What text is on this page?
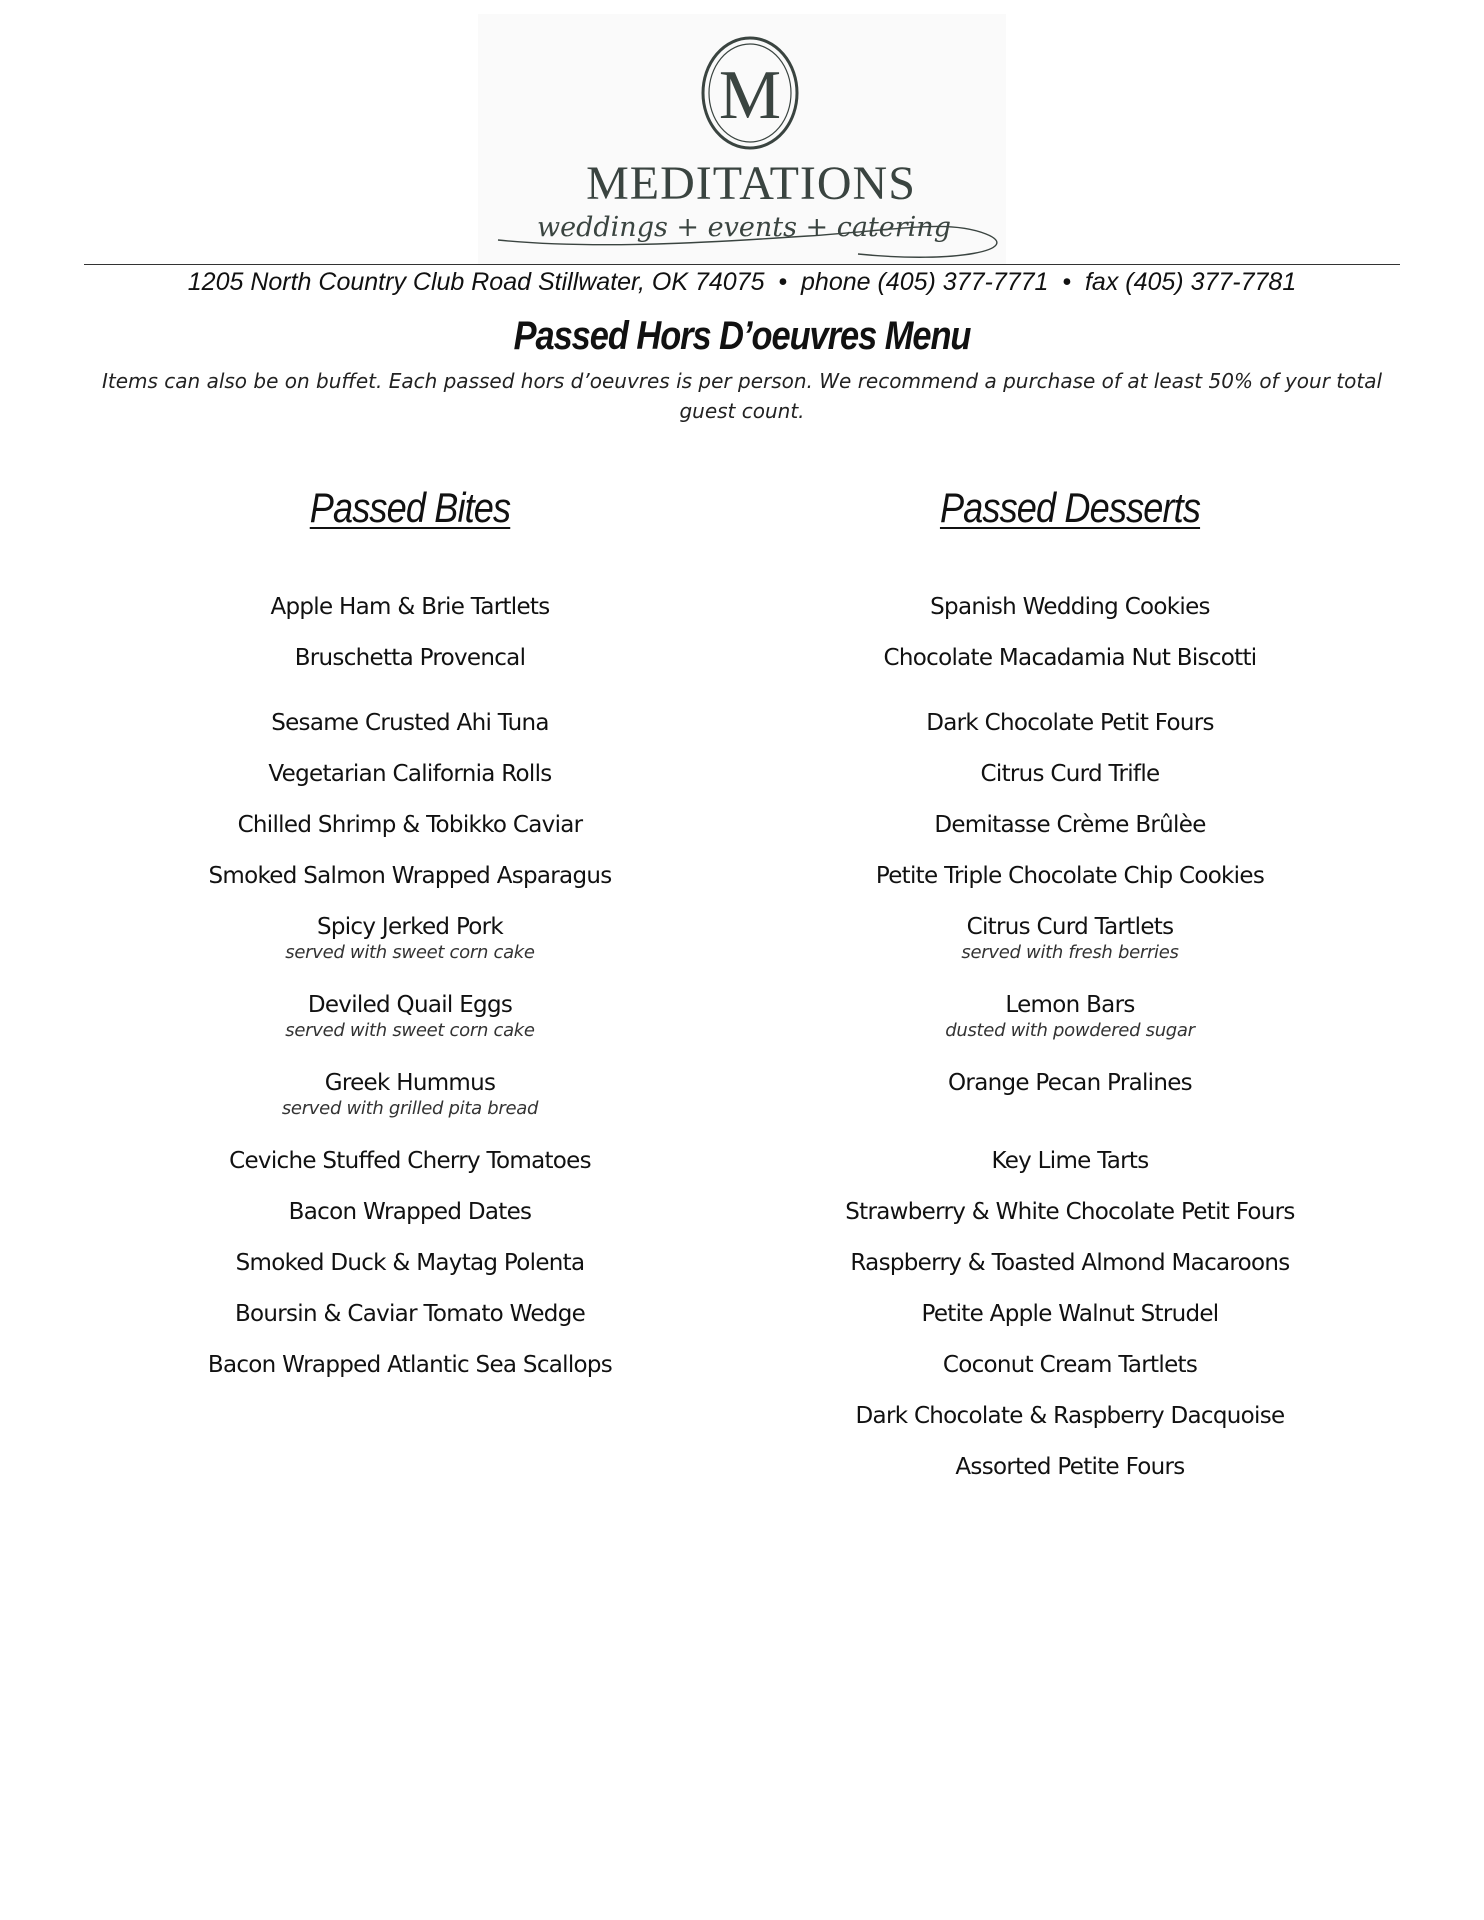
M
MEDITATIONS
weddings + events + catering
1205 North Country Club Road Stillwater, OK 74075  •  phone (405) 377-7771  •  fax (405) 377-7781
Passed Hors D’oeuvres Menu
Items can also be on buffet. Each passed hors d’oeuvres is per person. We recommend a purchase of at least 50% of your total guest count.
Passed Bites
Apple Ham & Brie Tartlets
Bruschetta Provencal
Sesame Crusted Ahi Tuna
Vegetarian California Rolls
Chilled Shrimp & Tobikko Caviar
Smoked Salmon Wrapped Asparagus
Spicy Jerked Pork
served with sweet corn cake
Deviled Quail Eggs
served with sweet corn cake
Greek Hummus
served with grilled pita bread
Ceviche Stuffed Cherry Tomatoes
Bacon Wrapped Dates
Smoked Duck & Maytag Polenta
Boursin & Caviar Tomato Wedge
Bacon Wrapped Atlantic Sea Scallops
Passed Desserts
Spanish Wedding Cookies
Chocolate Macadamia Nut Biscotti
Dark Chocolate Petit Fours
Citrus Curd Trifle
Demitasse Crème Brûlèe
Petite Triple Chocolate Chip Cookies
Citrus Curd Tartlets
served with fresh berries
Lemon Bars
dusted with powdered sugar
Orange Pecan Pralines
Key Lime Tarts
Strawberry & White Chocolate Petit Fours
Raspberry & Toasted Almond Macaroons
Petite Apple Walnut Strudel
Coconut Cream Tartlets
Dark Chocolate & Raspberry Dacquoise
Assorted Petite Fours
